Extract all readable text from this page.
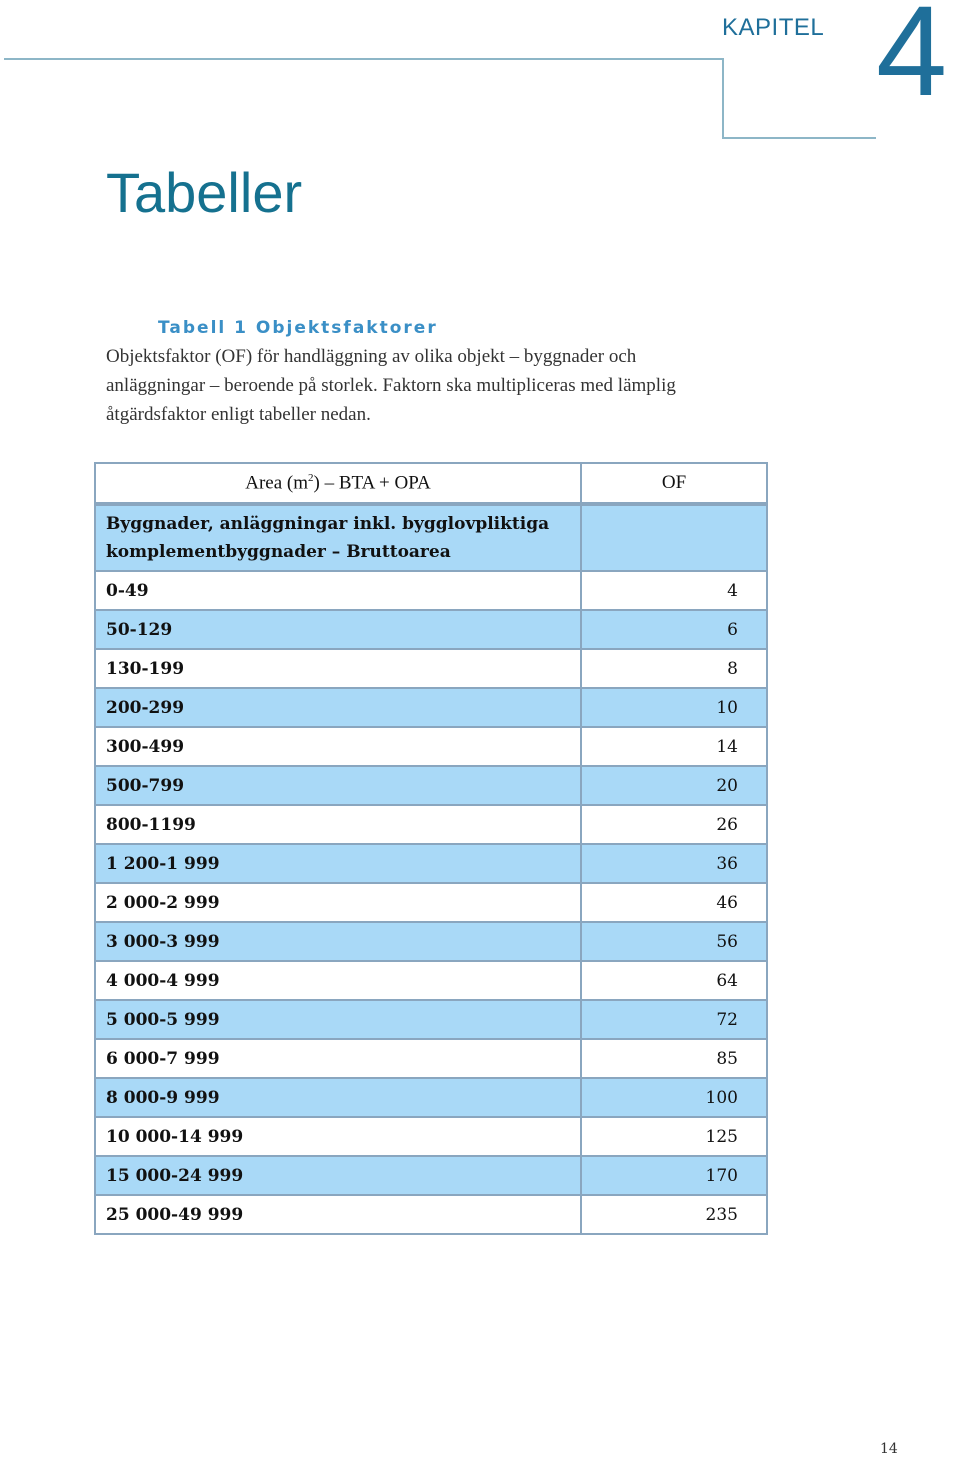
KAPITEL 4
Tabeller
Tabell 1 Objektsfaktorer
Objektsfaktor (OF) för handläggning av olika objekt – byggnader och
anläggningar – beroende på storlek. Faktorn ska multipliceras med lämplig
åtgärdsfaktor enligt tabeller nedan.
Area $(m^2)$ – BTA + OPA	OF

Byggnader, anläggningar inkl. bygglovpliktiga
komplementbyggnader – Bruttoarea	

0-49	4
50-129	6
130-199	8
200-299	10
300-499	14
500-799	20
800-1199	26
1 200-1 999	36
2 000-2 999	46
3 000-3 999	56
4 000-4 999	64
5 000-5 999	72
6 000-7 999	85
8 000-9 999	100
10 000-14 999	125
15 000-24 999	170
25 000-49 999	235
14
